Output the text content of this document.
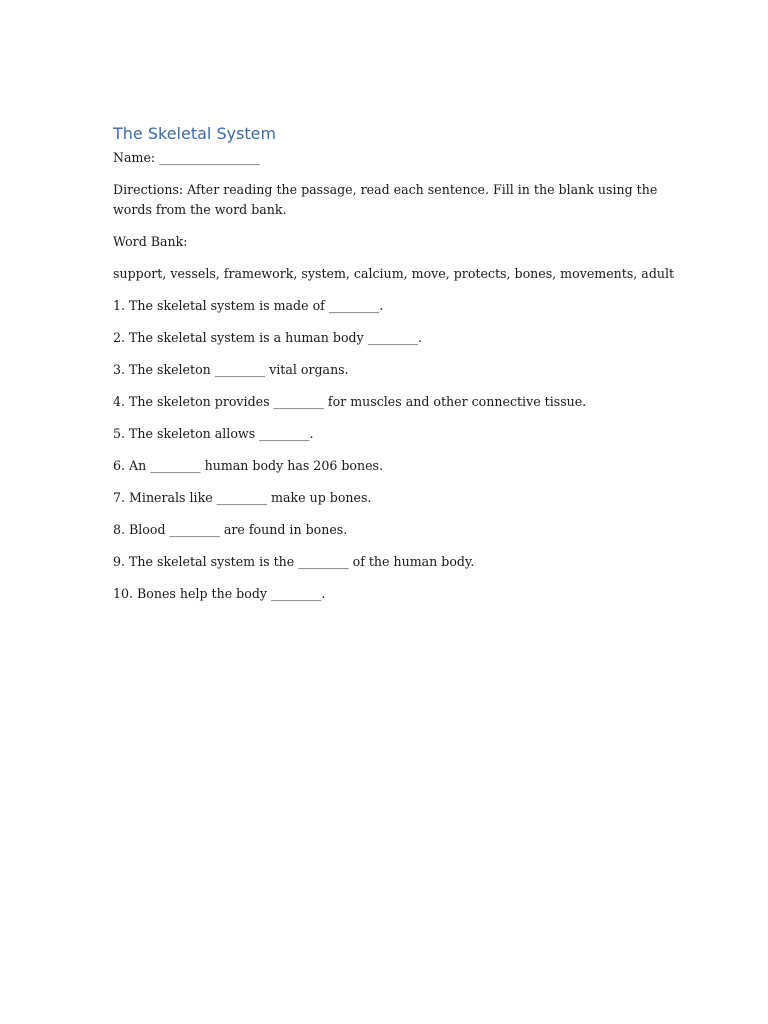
The Skeletal System

Name: ________________

Directions: After reading the passage, read each sentence. Fill in the blank using the words from the word bank.

Word Bank:

support, vessels, framework, system, calcium, move, protects, bones, movements, adult

1. The skeletal system is made of ________.

2. The skeletal system is a human body ________.

3. The skeleton ________ vital organs.

4. The skeleton provides ________ for muscles and other connective tissue.

5. The skeleton allows ________.

6. An ________ human body has 206 bones.

7. Minerals like ________ make up bones.

8. Blood ________ are found in bones.

9. The skeletal system is the ________ of the human body.

10. Bones help the body ________.
